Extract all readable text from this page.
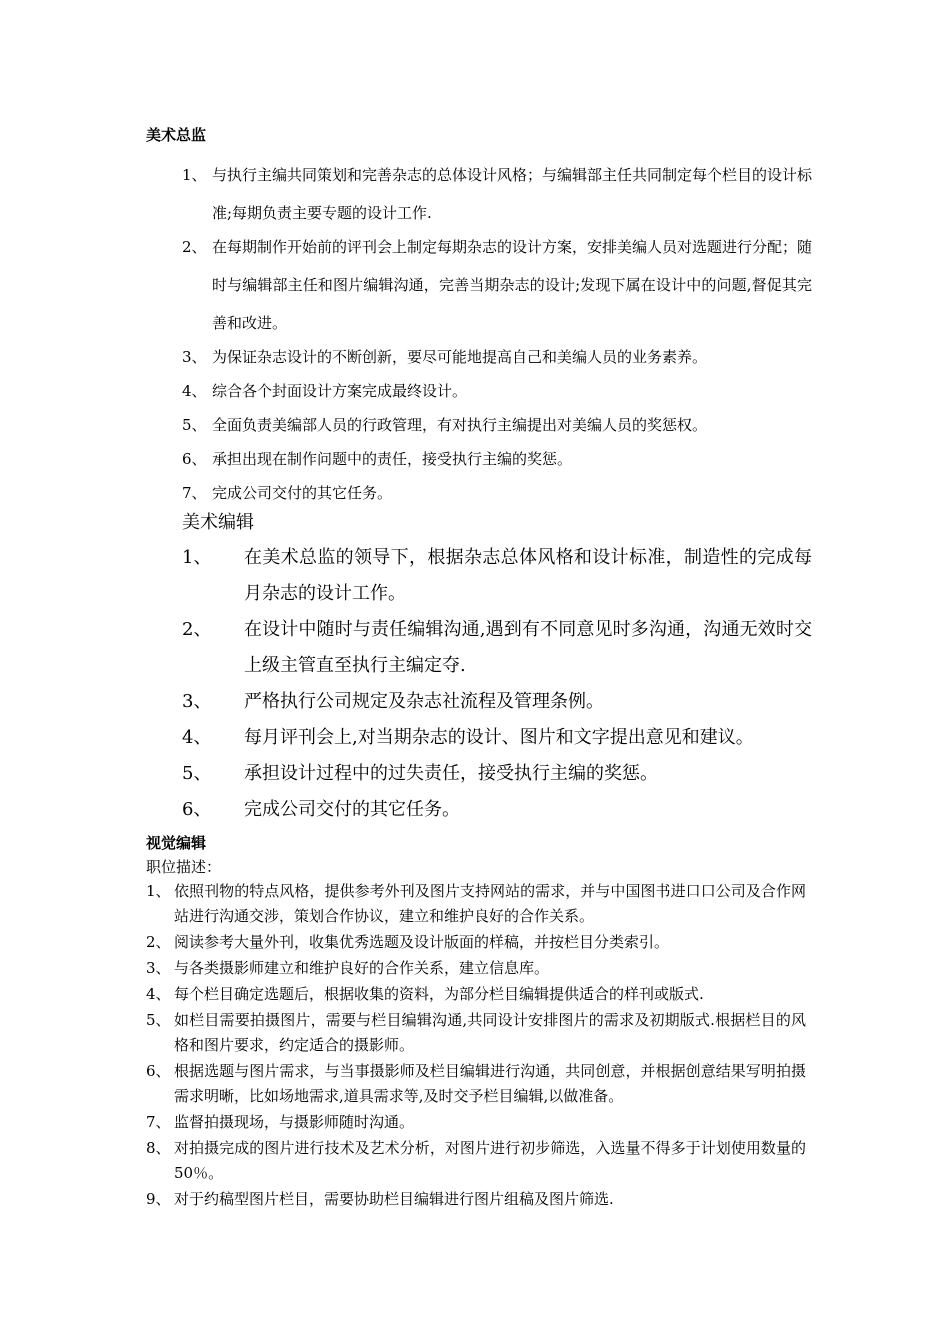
美术总监
1、 与执行主编共同策划和完善杂志的总体设计风格；与编辑部主任共同制定每个栏目的设计标准;每期负责主要专题的设计工作.
2、 在每期制作开始前的评刊会上制定每期杂志的设计方案，安排美编人员对选题进行分配；随时与编辑部主任和图片编辑沟通，完善当期杂志的设计;发现下属在设计中的问题,督促其完善和改进。
3、 为保证杂志设计的不断创新，要尽可能地提高自己和美编人员的业务素养。
4、 综合各个封面设计方案完成最终设计。
5、 全面负责美编部人员的行政管理，有对执行主编提出对美编人员的奖惩权。
6、 承担出现在制作问题中的责任，接受执行主编的奖惩。
7、 完成公司交付的其它任务。
美术编辑
1、	在美术总监的领导下，根据杂志总体风格和设计标准，制造性的完成每月杂志的设计工作。
2、	在设计中随时与责任编辑沟通,遇到有不同意见时多沟通，沟通无效时交上级主管直至执行主编定夺.
3、	严格执行公司规定及杂志社流程及管理条例。
4、	每月评刊会上,对当期杂志的设计、图片和文字提出意见和建议。
5、	承担设计过程中的过失责任，接受执行主编的奖惩。
6、	完成公司交付的其它任务。
视觉编辑
职位描述：
1、 依照刊物的特点风格，提供参考外刊及图片支持网站的需求，并与中国图书进口口公司及合作网站进行沟通交涉，策划合作协议，建立和维护良好的合作关系。
2、 阅读参考大量外刊，收集优秀选题及设计版面的样稿，并按栏目分类索引。
3、 与各类摄影师建立和维护良好的合作关系，建立信息库。
4、 每个栏目确定选题后，根据收集的资料，为部分栏目编辑提供适合的样刊或版式.
5、 如栏目需要拍摄图片，需要与栏目编辑沟通,共同设计安排图片的需求及初期版式.根据栏目的风格和图片要求，约定适合的摄影师。
6、 根据选题与图片需求，与当事摄影师及栏目编辑进行沟通，共同创意，并根据创意结果写明拍摄需求明晰，比如场地需求,道具需求等,及时交予栏目编辑,以做准备。
7、 监督拍摄现场，与摄影师随时沟通。
8、 对拍摄完成的图片进行技术及艺术分析，对图片进行初步筛选，入选量不得多于计划使用数量的50％。
9、 对于约稿型图片栏目，需要协助栏目编辑进行图片组稿及图片筛选.
